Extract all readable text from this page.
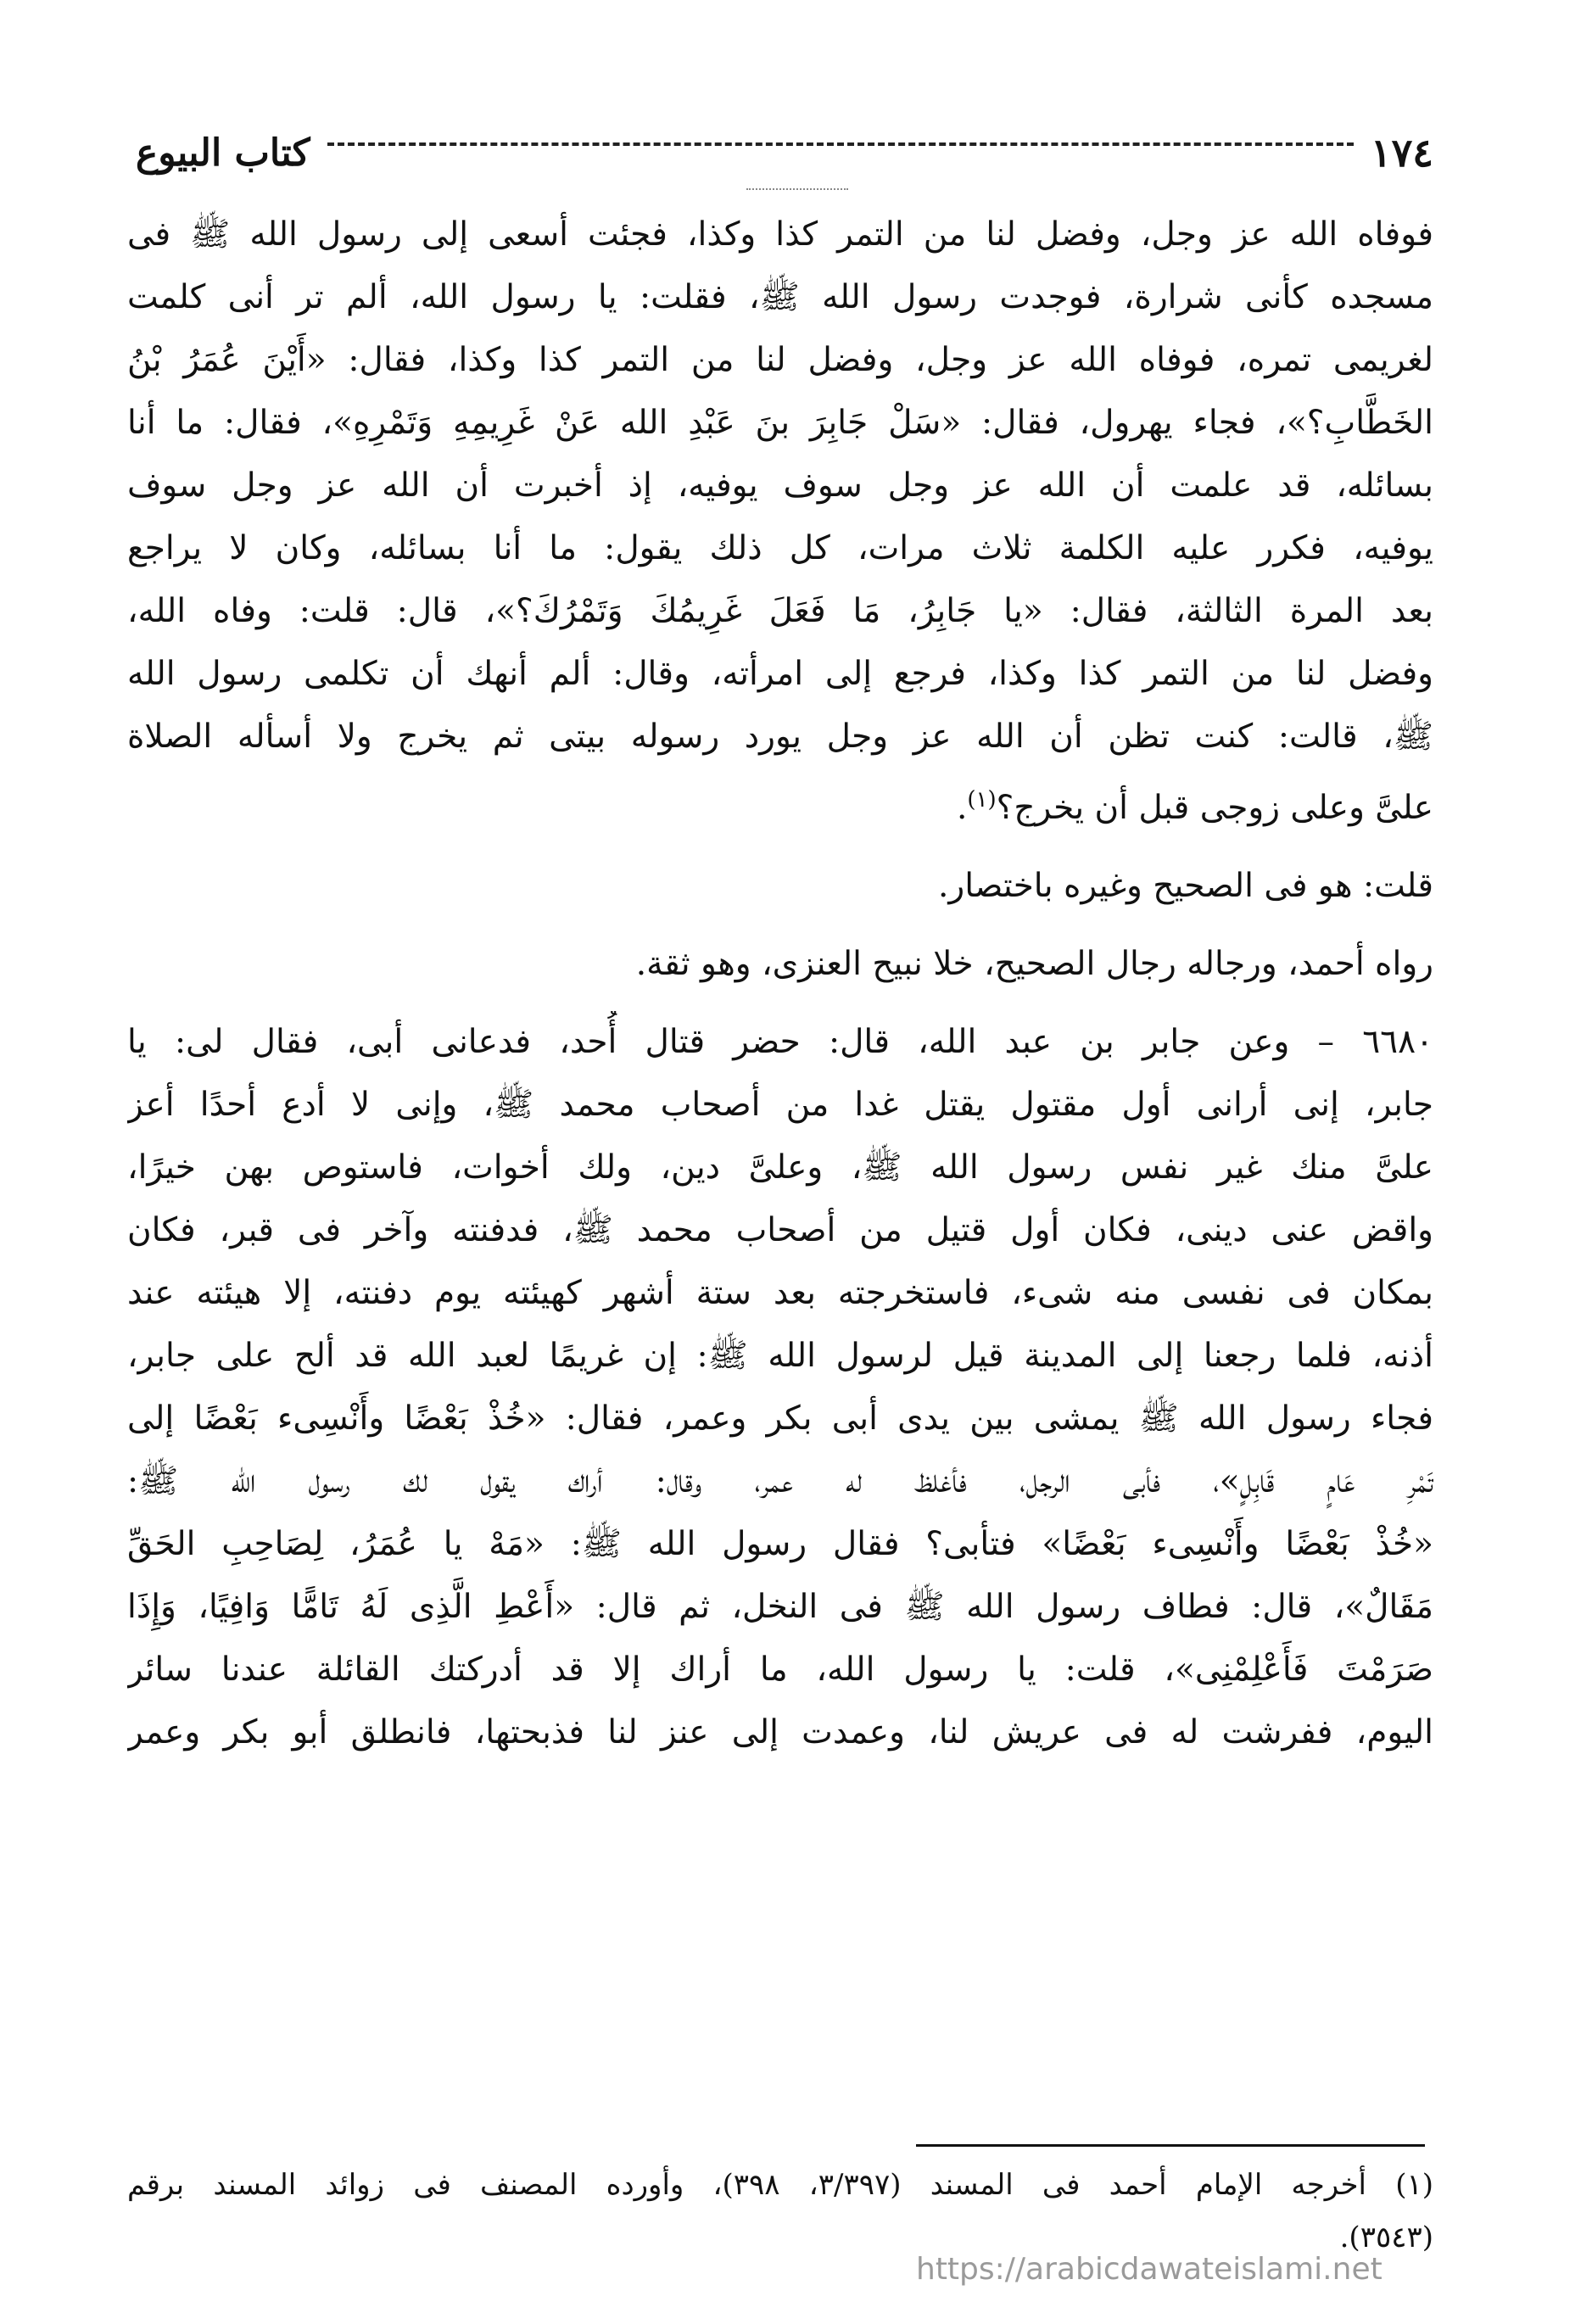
١٧٤
كتاب البيوع

فوفاه الله عز وجل، وفضل لنا من التمر كذا وكذا، فجئت أسعى إلى رسول الله ﷺ فى
مسجده كأنى شرارة، فوجدت رسول الله ﷺ، فقلت: يا رسول الله، ألم تر أنى كلمت
لغريمى تمره، فوفاه الله عز وجل، وفضل لنا من التمر كذا وكذا، فقال: «أَيْنَ عُمَرُ بْنُ
الخَطَّابِ؟»، فجاء يهرول، فقال: «سَلْ جَابِرَ بنَ عَبْدِ الله عَنْ غَرِيمِهِ وَتَمْرِهِ»، فقال: ما أنا
بسائله، قد علمت أن الله عز وجل سوف يوفيه، إذ أخبرت أن الله عز وجل سوف
يوفيه، فكرر عليه الكلمة ثلاث مرات، كل ذلك يقول: ما أنا بسائله، وكان لا يراجع
بعد المرة الثالثة، فقال: «يا جَابِرُ، مَا فَعَلَ غَرِيمُكَ وَتَمْرُكَ؟»، قال: قلت: وفاه الله،
وفضل لنا من التمر كذا وكذا، فرجع إلى امرأته، وقال: ألم أنهك أن تكلمى رسول الله
ﷺ، قالت: كنت تظن أن الله عز وجل يورد رسوله بيتى ثم يخرج ولا أسأله الصلاة
علىَّ وعلى زوجى قبل أن يخرج؟$^{(١)}$.

قلت: هو فى الصحيح وغيره باختصار.

رواه أحمد، ورجاله رجال الصحيح، خلا نبيح العنزى، وهو ثقة.

٦٦٨٠ – وعن جابر بن عبد الله، قال: حضر قتال أُحد، فدعانى أبى، فقال لى: يا
جابر، إنى أرانى أول مقتول يقتل غدا من أصحاب محمد ﷺ، وإنى لا أدع أحدًا أعز
علىَّ منك غير نفس رسول الله ﷺ، وعلىَّ دين، ولك أخوات، فاستوص بهن خيرًا،
واقض عنى دينى، فكان أول قتيل من أصحاب محمد ﷺ، فدفنته وآخر فى قبر، فكان
بمكان فى نفسى منه شىء، فاستخرجته بعد ستة أشهر كهيئته يوم دفنته، إلا هيئته عند
أذنه، فلما رجعنا إلى المدينة قيل لرسول الله ﷺ: إن غريمًا لعبد الله قد ألح على جابر،
فجاء رسول الله ﷺ يمشى بين يدى أبى بكر وعمر، فقال: «خُذْ بَعْضًا وأَنْسِىء بَعْضًا إلى
تَمْرِ عَامٍ قَابِلٍ»، فأبى الرجل، فأغلظ له عمر، وقال: أراك يقول لك رسول الله ﷺ:
«خُذْ بَعْضًا وأَنْسِىء بَعْضًا» فتأبى؟ فقال رسول الله ﷺ: «مَهْ يا عُمَرُ، لِصَاحِبِ الحَقِّ
مَقَالٌ»، قال: فطاف رسول الله ﷺ فى النخل، ثم قال: «أَعْطِ الَّذِى لَهُ تَامًّا وَافِيًا، وَإِذَا
صَرَمْتَ فَأَعْلِمْنِى»، قلت: يا رسول الله، ما أراك إلا قد أدركتك القائلة عندنا سائر
اليوم، ففرشت له فى عريش لنا، وعمدت إلى عنز لنا فذبحتها، فانطلق أبو بكر وعمر

(١) أخرجه الإمام أحمد فى المسند (٣/٣٩٧، ٣٩٨)، وأورده المصنف فى زوائد المسند برقم
(٣٥٤٣).
https://arabicdawateislami.net
